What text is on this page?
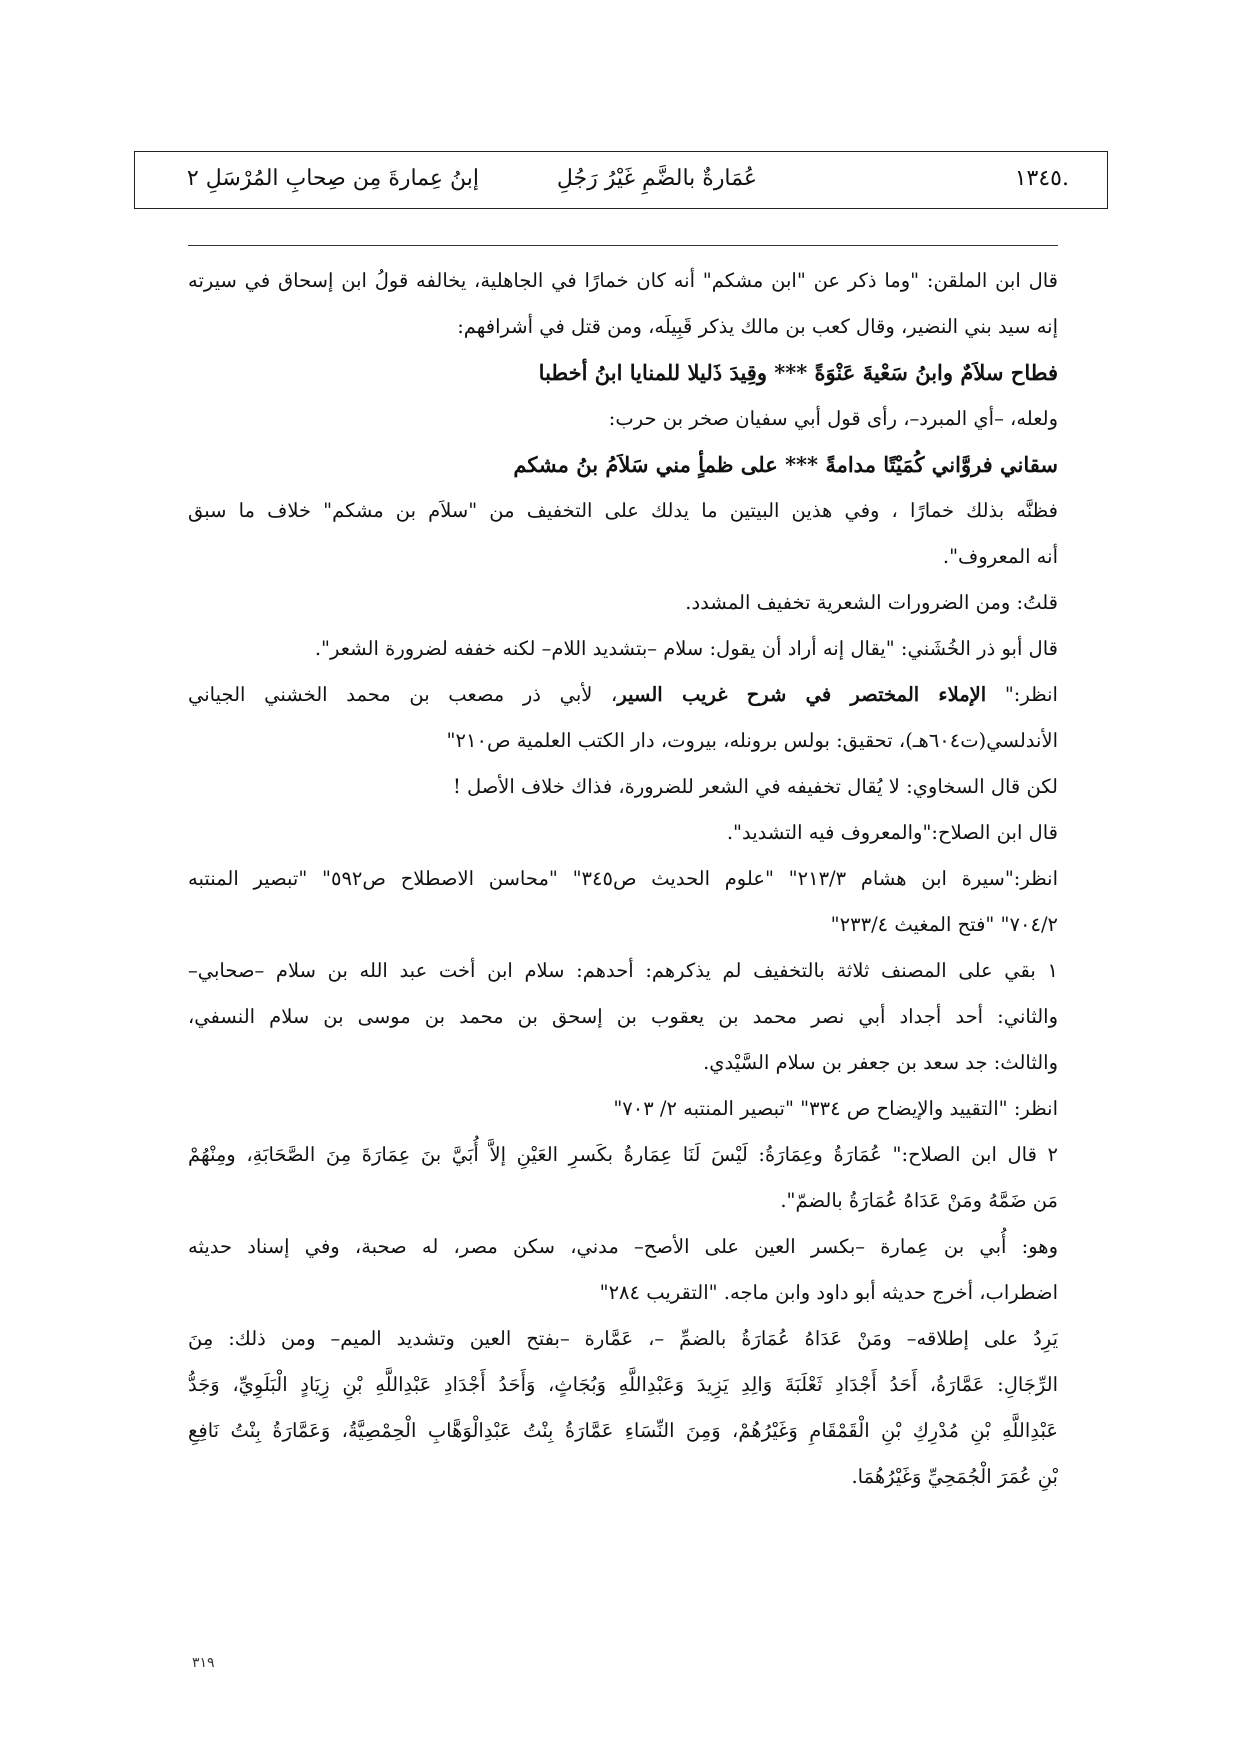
.١٣٤٥
عُمَارةٌ بالضَّمِ غَيْرُ رَجُلِ
إبنُ عِمارةَ مِن صِحابِ المُرْسَلِ ٢
قال ابن الملقن: "وما ذكر عن "ابن مشكم" أنه كان خمارًا في الجاهلية، يخالفه قولُ ابن إسحاق في سيرته
إنه سيد بني النضير، وقال كعب بن مالك يذكر قَبِيلَه، ومن قتل في أشرافهم:
فطاح سلاَمٌ وابنُ سَعْيةَ عَنْوَةً *** وقِيدَ ذَليلا للمنايا ابنُ أخطبا
ولعله، –أي المبرد–، رأى قول أبي سفيان صخر بن حرب:
سقاني فروَّاني كُمَيْتًا مدامةً *** على ظمأٍ مني سَلاَمُ بنُ مشكم
فظنَّه بذلك خمارًا ، وفي هذين البيتين ما يدلك على التخفيف من "سلاَم بن مشكم" خلاف ما سبق
أنه المعروف".
قلتُ: ومن الضرورات الشعرية تخفيف المشدد.
قال أبو ذر الخُشَني: "يقال إنه أراد أن يقول: سلام –بتشديد اللام– لكنه خففه لضرورة الشعر".
انظر:" الإملاء المختصر في شرح غريب السير، لأبي ذر مصعب بن محمد الخشني الجياني
الأندلسي(ت٦٠٤هـ)، تحقيق: بولس برونله، بيروت، دار الكتب العلمية ص٢١٠"
لكن قال السخاوي: لا يُقال تخفيفه في الشعر للضرورة، فذاك خلاف الأصل !
قال ابن الصلاح:"والمعروف فيه التشديد".
انظر:"سيرة ابن هشام ٢١٣/٣" "علوم الحديث ص٣٤٥" "محاسن الاصطلاح ص٥٩٢" "تبصير المنتبه
٧٠٤/٢" "فتح المغيث ٢٣٣/٤"
١ بقي على المصنف ثلاثة بالتخفيف لم يذكرهم: أحدهم: سلام ابن أخت عبد الله بن سلام –صحابي–
والثاني: أحد أجداد أبي نصر محمد بن يعقوب بن إسحق بن محمد بن موسى بن سلام النسفي،
والثالث: جد سعد بن جعفر بن سلام السَّيْدي.
انظر: "التقييد والإيضاح ص ٣٣٤" "تبصير المنتبه ٢/ ٧٠٣"
٢ قال ابن الصلاح:" عُمَارَةُ وعِمَارَةُ: لَيْسَ لَنَا عِمَارةُ بكَسرِ العَيْنِ إلاَّ أُبَيَّ بنَ عِمَارَةَ مِنَ الصَّحَابَةِ، ومِنْهُمْ
مَن ضَمَّهُ ومَنْ عَدَاهُ عُمَارَةُ بالضمّ".
وهو: أُبي بن عِمارة –بكسر العين على الأصح– مدني، سكن مصر، له صحبة، وفي إسناد حديثه
اضطراب، أخرج حديثه أبو داود وابن ماجه. "التقريب ٢٨٤"
يَرِدُ على إطلاقه– ومَنْ عَدَاهُ عُمَارَةُ بالضمِّ –، عَمَّارة –بفتح العين وتشديد الميم– ومن ذلك: مِنَ
الرِّجَالِ: عَمَّارَةُ، أَحَدُ أَجْدَادِ ثَعْلَبَةَ وَالِدِ يَزِيدَ وَعَبْدِاللَّهِ وَبُجَاثٍ، وَأَحَدُ أَجْدَادِ عَبْدِاللَّهِ بْنِ زِيَادٍ الْبَلَوِيِّ، وَجَدُّ
عَبْدِاللَّهِ بْنِ مُدْرِكِ بْنِ الْقَمْقَامِ وَغَيْرُهُمْ، وَمِنَ النِّسَاءِ عَمَّارَةُ بِنْتُ عَبْدِالْوَهَّابِ الْحِمْصِيَّةُ، وَعَمَّارَةُ بِنْتُ نَافِعِ
بْنِ عُمَرَ الْجُمَحِيِّ وَغَيْرُهُمَا.
٣١٩
